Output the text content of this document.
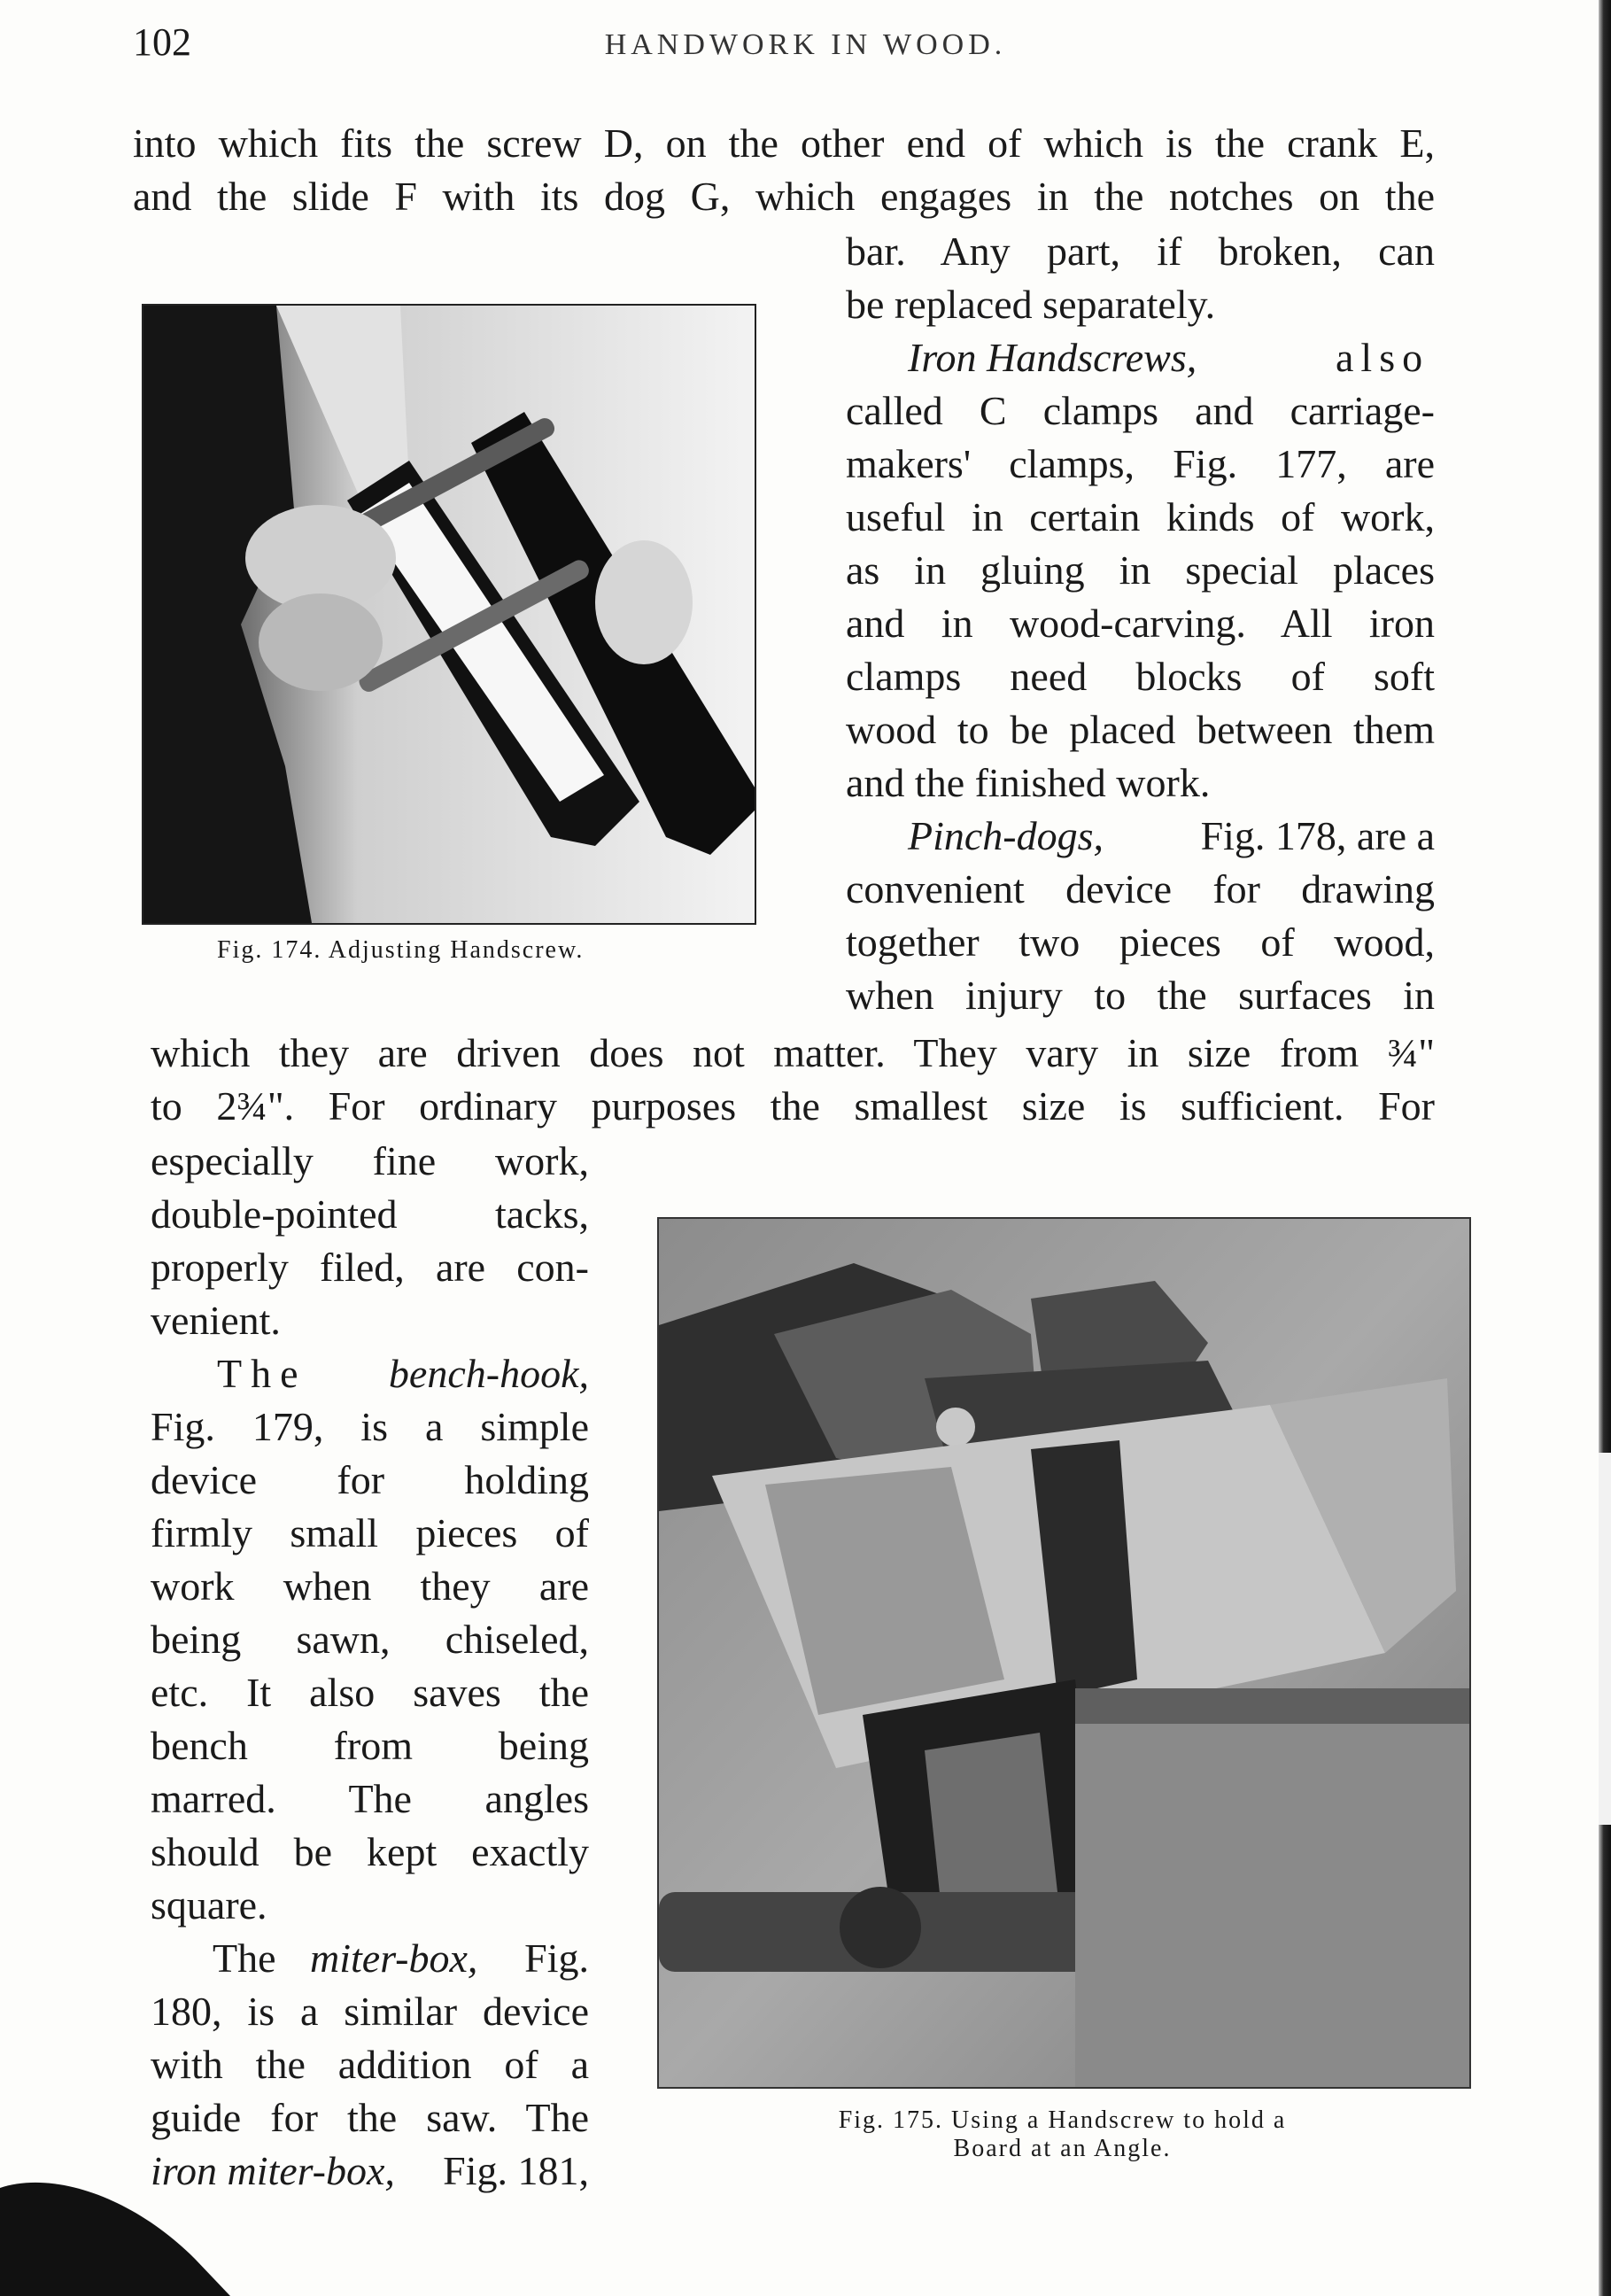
102	HANDWORK IN WOOD.
into which fits the screw D, on the other end of which is the crank E,
and the slide F with its dog G, which engages in the notches on the
Fig. 174. Adjusting Handscrew.
bar. Any part, if broken, can
be replaced separately.
Iron Handscrews,	also
called C clamps and carriage-
makers' clamps, Fig. 177, are
useful in certain kinds of work,
as in gluing in special places
and in wood-carving. All iron
clamps need blocks of soft
wood to be placed between them
and the finished work.
Pinch-dogs,	Fig. 178, are a
convenient device for drawing
together two pieces of wood,
when injury to the surfaces in
which they are driven does not matter. They vary in size from ¾"
to 2¾". For ordinary purposes the smallest size is sufficient. For
especially fine work,
double-pointed tacks,
properly filed, are con-
venient.
The	bench-hook,
Fig. 179, is a simple
device for holding
firmly small pieces of
work when they are
being sawn, chiseled,
etc. It also saves the
bench from being
marred. The angles
should be kept exactly
square.
The miter-box,	Fig.
180, is a similar device
with the addition of a
guide for the saw. The
iron miter-box,	Fig. 181,
Fig. 175. Using a Handscrew to hold a
Board at an Angle.
